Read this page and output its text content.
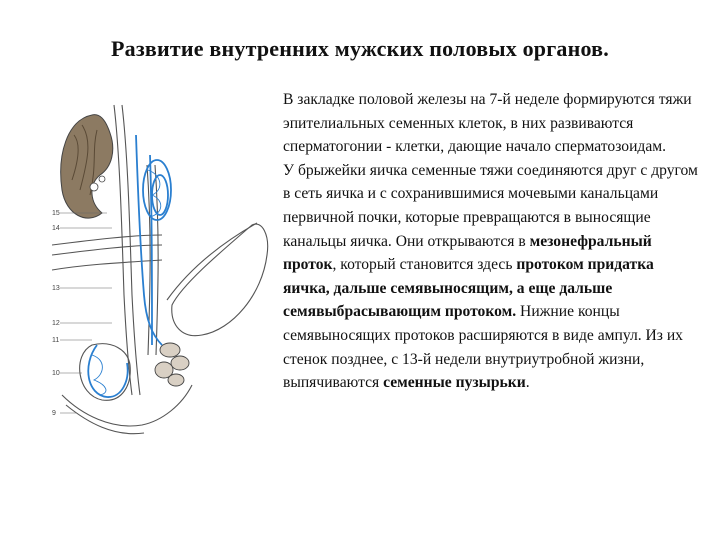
Развитие внутренних мужских половых органов.
15
14
13
12
11
10
9

В закладке половой железы на 7-й неделе формируются тяжи эпителиальных семенных клеток, в них развиваются сперматогонии - клетки, дающие начало сперматозоидам.

У брыжейки яичка семенные тяжи соединяются друг с другом в сеть яичка и с сохранившимися мочевыми канальцами первичной почки, которые превращаются в выносящие канальцы яичка. Они открываются в мезонефральный проток, который становится здесь протоком придатка яичка, дальше семявыносящим, а еще дальше семявыбрасывающим протоком. Нижние концы семявыносящих протоков расширяются в виде ампул. Из их стенок позднее, с 13-й недели внутриутробной жизни, выпячиваются семенные пузырьки.
